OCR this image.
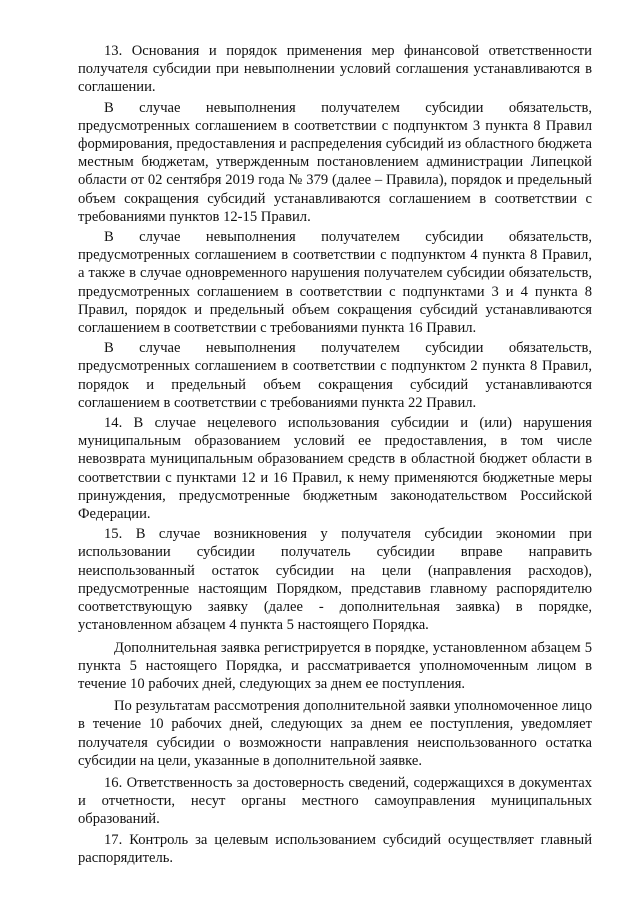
13. Основания и порядок применения мер финансовой ответственности получателя субсидии при невыполнении условий соглашения устанавливаются в соглашении.

В случае невыполнения получателем субсидии обязательств, предусмотренных соглашением в соответствии с подпунктом 3 пункта 8 Правил формирования, предоставления и распределения субсидий из областного бюджета местным бюджетам, утвержденным постановлением администрации Липецкой области от 02 сентября 2019 года № 379 (далее – Правила), порядок и предельный объем сокращения субсидий устанавливаются соглашением в соответствии с требованиями пунктов 12-15 Правил.

В случае невыполнения получателем субсидии обязательств, предусмотренных соглашением в соответствии с подпунктом 4 пункта 8 Правил, а также в случае одновременного нарушения получателем субсидии обязательств, предусмотренных соглашением в соответствии с подпунктами 3 и 4 пункта 8 Правил, порядок и предельный объем сокращения субсидий устанавливаются соглашением в соответствии с требованиями пункта 16 Правил.

В случае невыполнения получателем субсидии обязательств, предусмотренных соглашением в соответствии с подпунктом 2 пункта 8 Правил, порядок и предельный объем сокращения субсидий устанавливаются соглашением в соответствии с требованиями пункта 22 Правил.

14. В случае нецелевого использования субсидии и (или) нарушения муниципальным образованием условий ее предоставления, в том числе невозврата муниципальным образованием средств в областной бюджет области в соответствии с пунктами 12 и 16 Правил, к нему применяются бюджетные меры принуждения, предусмотренные бюджетным законодательством Российской Федерации.

15. В случае возникновения у получателя субсидии экономии при использовании субсидии получатель субсидии вправе направить неиспользованный остаток субсидии на цели (направления расходов), предусмотренные настоящим Порядком, представив главному распорядителю соответствующую заявку (далее - дополнительная заявка) в порядке, установленном абзацем 4 пункта 5 настоящего Порядка.

Дополнительная заявка регистрируется в порядке, установленном абзацем 5 пункта 5 настоящего Порядка, и рассматривается уполномоченным лицом в течение 10 рабочих дней, следующих за днем ее поступления.

По результатам рассмотрения дополнительной заявки уполномоченное лицо в течение 10 рабочих дней, следующих за днем ее поступления, уведомляет получателя субсидии о возможности направления неиспользованного остатка субсидии на цели, указанные в дополнительной заявке.

16. Ответственность за достоверность сведений, содержащихся в документах и отчетности, несут органы местного самоуправления муниципальных образований.

17. Контроль за целевым использованием субсидий осуществляет главный распорядитель.
